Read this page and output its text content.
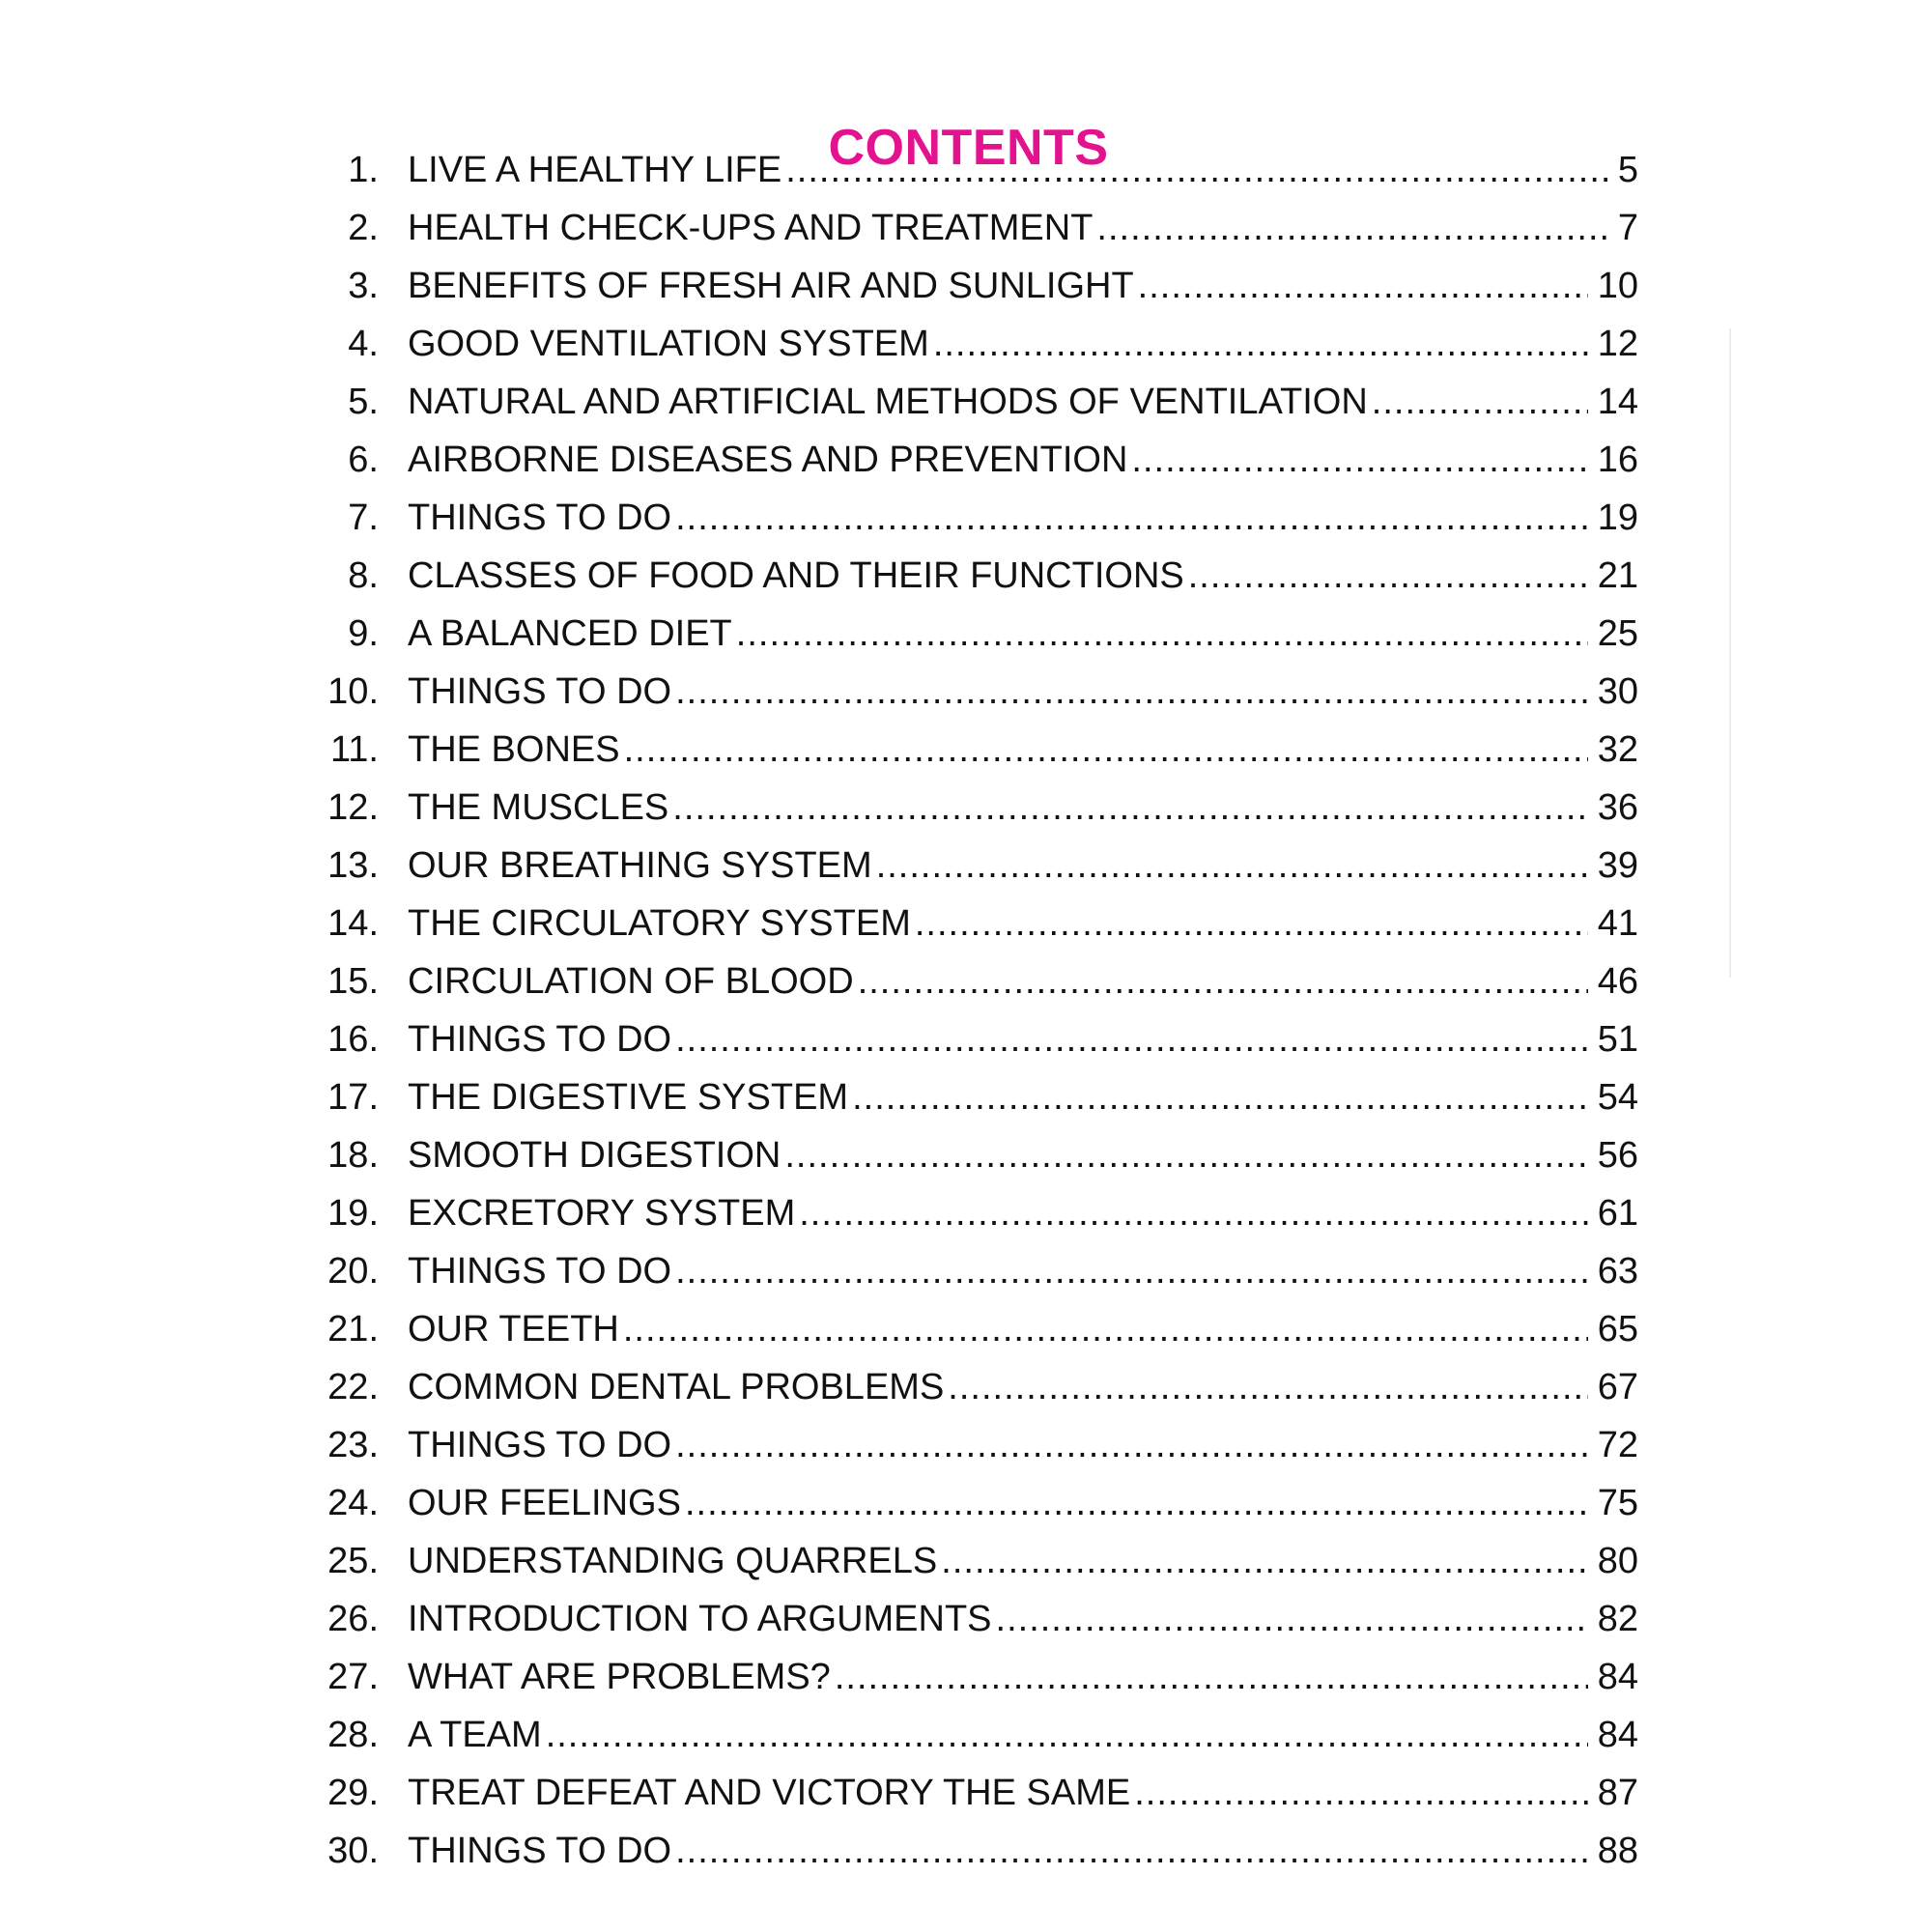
CONTENTS
1. LIVE A HEALTHY LIFE .....	5
2. HEALTH CHECK-UPS AND TREATMENT .....	7
3. BENEFITS OF FRESH AIR AND SUNLIGHT .....	10
4. GOOD VENTILATION SYSTEM .....	12
5. NATURAL AND ARTIFICIAL METHODS OF VENTILATION .....	14
6. AIRBORNE DISEASES AND PREVENTION .....	16
7. THINGS TO DO .....	19
8. CLASSES OF FOOD AND THEIR FUNCTIONS .....	21
9. A BALANCED DIET .....	25
10. THINGS TO DO .....	30
11. THE BONES .....	32
12. THE MUSCLES .....	36
13. OUR BREATHING SYSTEM .....	39
14. THE CIRCULATORY SYSTEM .....	41
15. CIRCULATION OF BLOOD .....	46
16. THINGS TO DO .....	51
17. THE DIGESTIVE SYSTEM .....	54
18. SMOOTH DIGESTION .....	56
19. EXCRETORY SYSTEM .....	61
20. THINGS TO DO .....	63
21. OUR TEETH .....	65
22. COMMON DENTAL PROBLEMS .....	67
23. THINGS TO DO .....	72
24. OUR FEELINGS .....	75
25. UNDERSTANDING QUARRELS .....	80
26. INTRODUCTION TO ARGUMENTS .....	82
27. WHAT ARE PROBLEMS? .....	84
28. A TEAM .....	84
29. TREAT DEFEAT AND VICTORY THE SAME .....	87
30. THINGS TO DO .....	88
